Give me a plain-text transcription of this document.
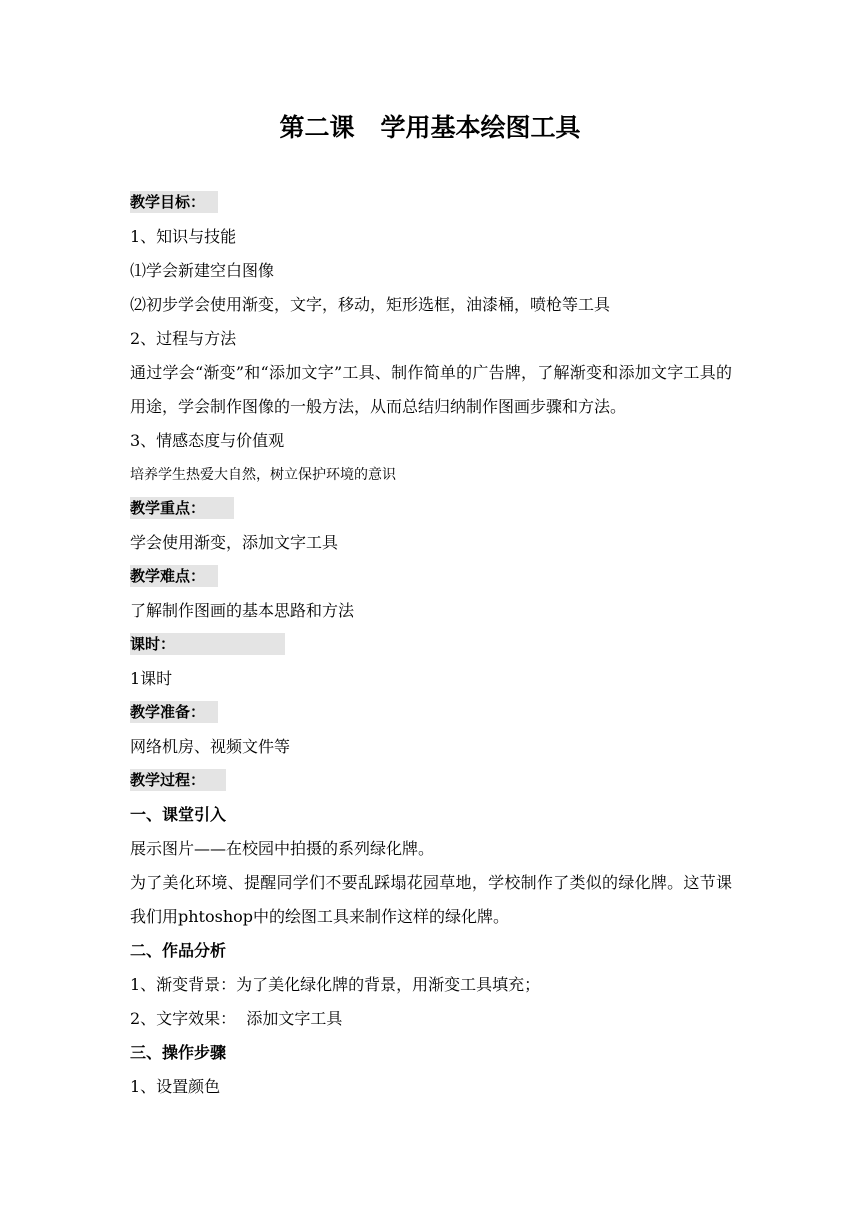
第二课   学用基本绘图工具
教学目标：
1、知识与技能
⑴学会新建空白图像
⑵初步学会使用渐变，文字，移动，矩形选框，油漆桶，喷枪等工具
2、过程与方法
通过学会“渐变”和“添加文字”工具、制作简单的广告牌，了解渐变和添加文字工具的用途，学会制作图像的一般方法，从而总结归纳制作图画步骤和方法。
3、情感态度与价值观
培养学生热爱大自然，树立保护环境的意识
教学重点：
学会使用渐变，添加文字工具
教学难点：
了解制作图画的基本思路和方法
课时：
1课时
教学准备：
网络机房、视频文件等
教学过程：
一、课堂引入
展示图片——在校园中拍摄的系列绿化牌。
为了美化环境、提醒同学们不要乱踩塌花园草地，学校制作了类似的绿化牌。这节课我们用phtoshop中的绘图工具来制作这样的绿化牌。
二、作品分析
1、渐变背景：为了美化绿化牌的背景，用渐变工具填充；
2、文字效果：  添加文字工具
三、操作步骤
1、设置颜色
